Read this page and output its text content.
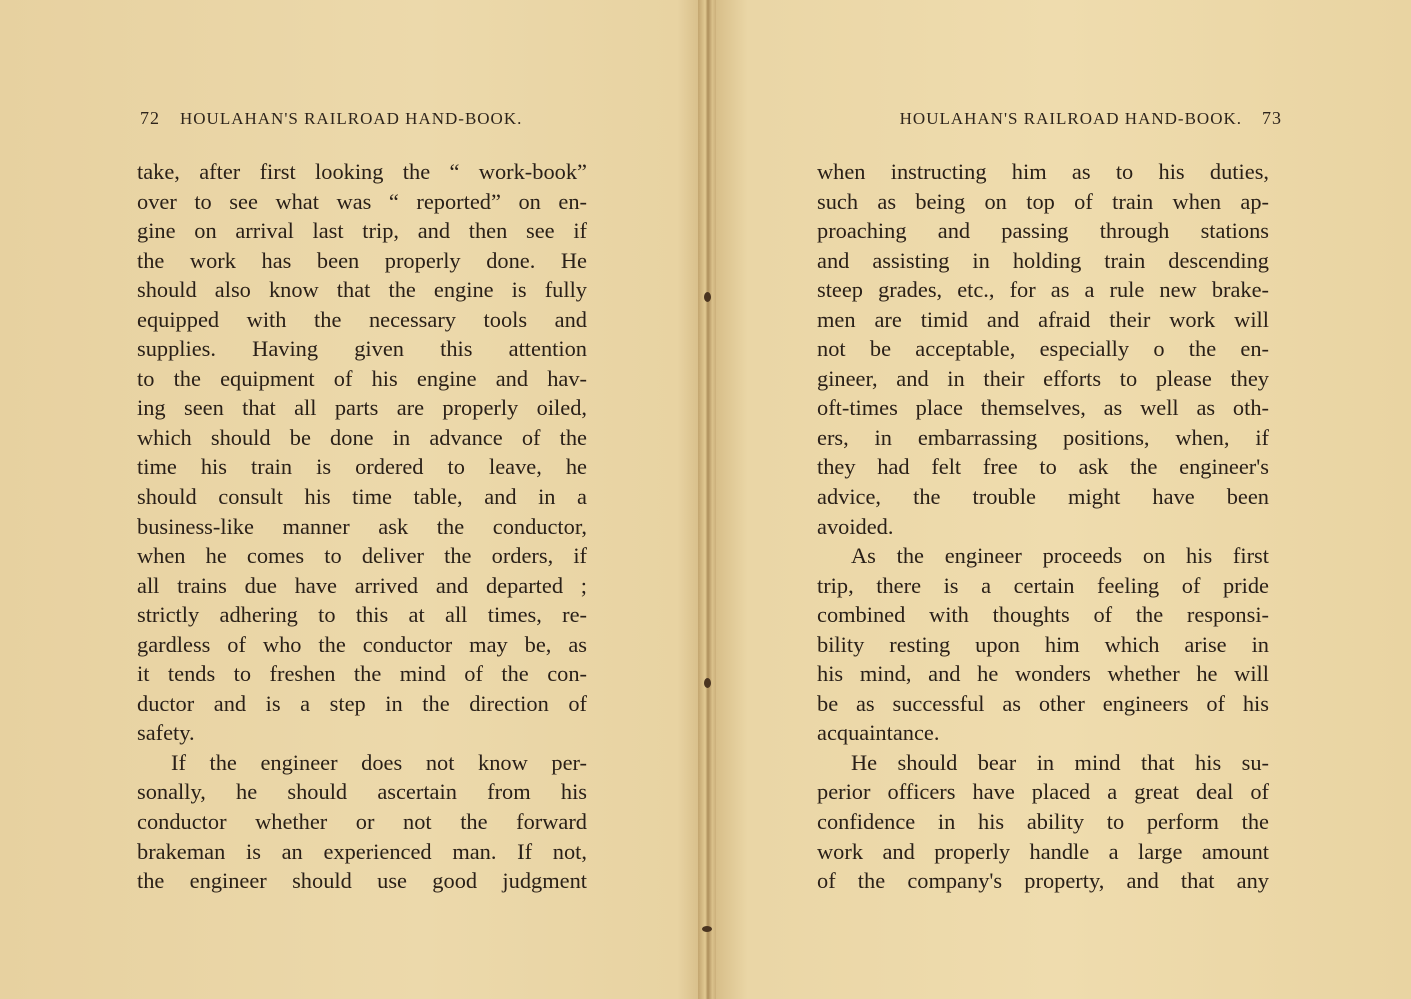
72 HOULAHAN'S RAILROAD HAND-BOOK.
take, after first looking the “ work-book”
over to see what was “ reported” on en-
gine on arrival last trip, and then see if
the work has been properly done. He
should also know that the engine is fully
equipped with the necessary tools and
supplies. Having given this attention
to the equipment of his engine and hav-
ing seen that all parts are properly oiled,
which should be done in advance of the
time his train is ordered to leave, he
should consult his time table, and in a
business-like manner ask the conductor,
when he comes to deliver the orders, if
all trains due have arrived and departed ;
strictly adhering to this at all times, re-
gardless of who the conductor may be, as
it tends to freshen the mind of the con-
ductor and is a step in the direction of
safety.
If the engineer does not know per-
sonally, he should ascertain from his
conductor whether or not the forward
brakeman is an experienced man. If not,
the engineer should use good judgment
HOULAHAN'S RAILROAD HAND-BOOK. 73
when instructing him as to his duties,
such as being on top of train when ap-
proaching and passing through stations
and assisting in holding train descending
steep grades, etc., for as a rule new brake-
men are timid and afraid their work will
not be acceptable, especially o the en-
gineer, and in their efforts to please they
oft-times place themselves, as well as oth-
ers, in embarrassing positions, when, if
they had felt free to ask the engineer's
advice, the trouble might have been
avoided.
As the engineer proceeds on his first
trip, there is a certain feeling of pride
combined with thoughts of the responsi-
bility resting upon him which arise in
his mind, and he wonders whether he will
be as successful as other engineers of his
acquaintance.
He should bear in mind that his su-
perior officers have placed a great deal of
confidence in his ability to perform the
work and properly handle a large amount
of the company's property, and that any
